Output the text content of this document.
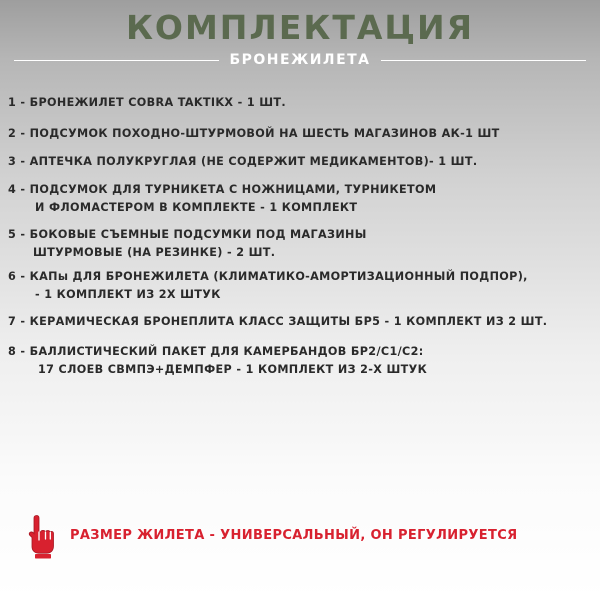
КОМПЛЕКТАЦИЯ
БРОНЕЖИЛЕТА
1 - БРОНЕЖИЛЕТ COBRA TAKTIKX - 1 ШТ.
2 - ПОДСУМОК ПОХОДНО-ШТУРМОВОЙ НА ШЕСТЬ МАГАЗИНОВ АК-1 ШТ
3 - АПТЕЧКА ПОЛУКРУГЛАЯ (НЕ СОДЕРЖИТ МЕДИКАМЕНТОВ)- 1 ШТ.
4 - ПОДСУМОК ДЛЯ ТУРНИКЕТА С НОЖНИЦАМИ, ТУРНИКЕТОМ
И ФЛОМАСТЕРОМ В КОМПЛЕКТЕ - 1 КОМПЛЕКТ
5 - БОКОВЫЕ СЪЕМНЫЕ ПОДСУМКИ ПОД МАГАЗИНЫ
ШТУРМОВЫЕ (НА РЕЗИНКЕ) - 2 ШТ.
6 - КАПы ДЛЯ БРОНЕЖИЛЕТА (КЛИМАТИКО-АМОРТИЗАЦИОННЫЙ ПОДПОР),
- 1 КОМПЛЕКТ ИЗ 2Х ШТУК
7 - КЕРАМИЧЕСКАЯ БРОНЕПЛИТА КЛАСС ЗАЩИТЫ БР5 - 1 КОМПЛЕКТ ИЗ 2 ШТ.
8 - БАЛЛИСТИЧЕСКИЙ ПАКЕТ ДЛЯ КАМЕРБАНДОВ БР2/С1/С2:
17 СЛОЕВ СВМПЭ+ДЕМПФЕР - 1 КОМПЛЕКТ ИЗ 2-Х ШТУК
РАЗМЕР ЖИЛЕТА - УНИВЕРСАЛЬНЫЙ, ОН РЕГУЛИРУЕТСЯ
